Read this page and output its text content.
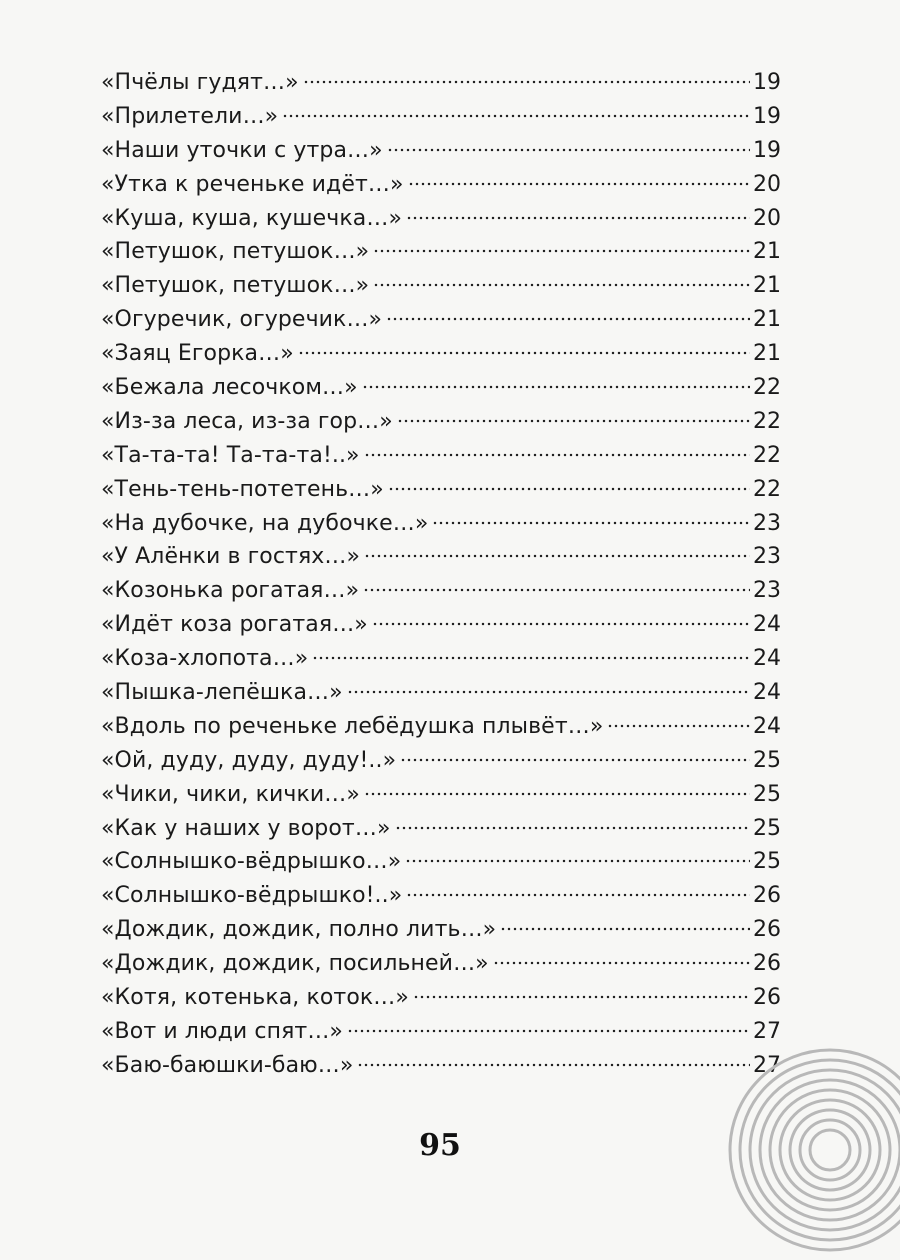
«Пчёлы гудят…»	19
«Прилетели…»	19
«Наши уточки с утра…»	19
«Утка к реченьке идёт…»	20
«Куша, куша, кушечка…»	20
«Петушок, петушок…»	21
«Петушок, петушок…»	21
«Огуречик, огуречик…»	21
«Заяц Егорка…»	21
«Бежала лесочком…»	22
«Из-за леса, из-за гор…»	22
«Та-та-та! Та-та-та!..»	22
«Тень-тень-потетень…»	22
«На дубочке, на дубочке…»	23
«У Алёнки в гостях…»	23
«Козонька рогатая…»	23
«Идёт коза рогатая…»	24
«Коза-хлопота…»	24
«Пышка-лепёшка…»	24
«Вдоль по реченьке лебёдушка плывёт…»	24
«Ой, дуду, дуду, дуду!..»	25
«Чики, чики, кички…»	25
«Как у наших у ворот…»	25
«Солнышко-вёдрышко…»	25
«Солнышко-вёдрышко!..»	26
«Дождик, дождик, полно лить…»	26
«Дождик, дождик, посильней…»	26
«Котя, котенька, коток…»	26
«Вот и люди спят…»	27
«Баю-баюшки-баю…»	27
95
